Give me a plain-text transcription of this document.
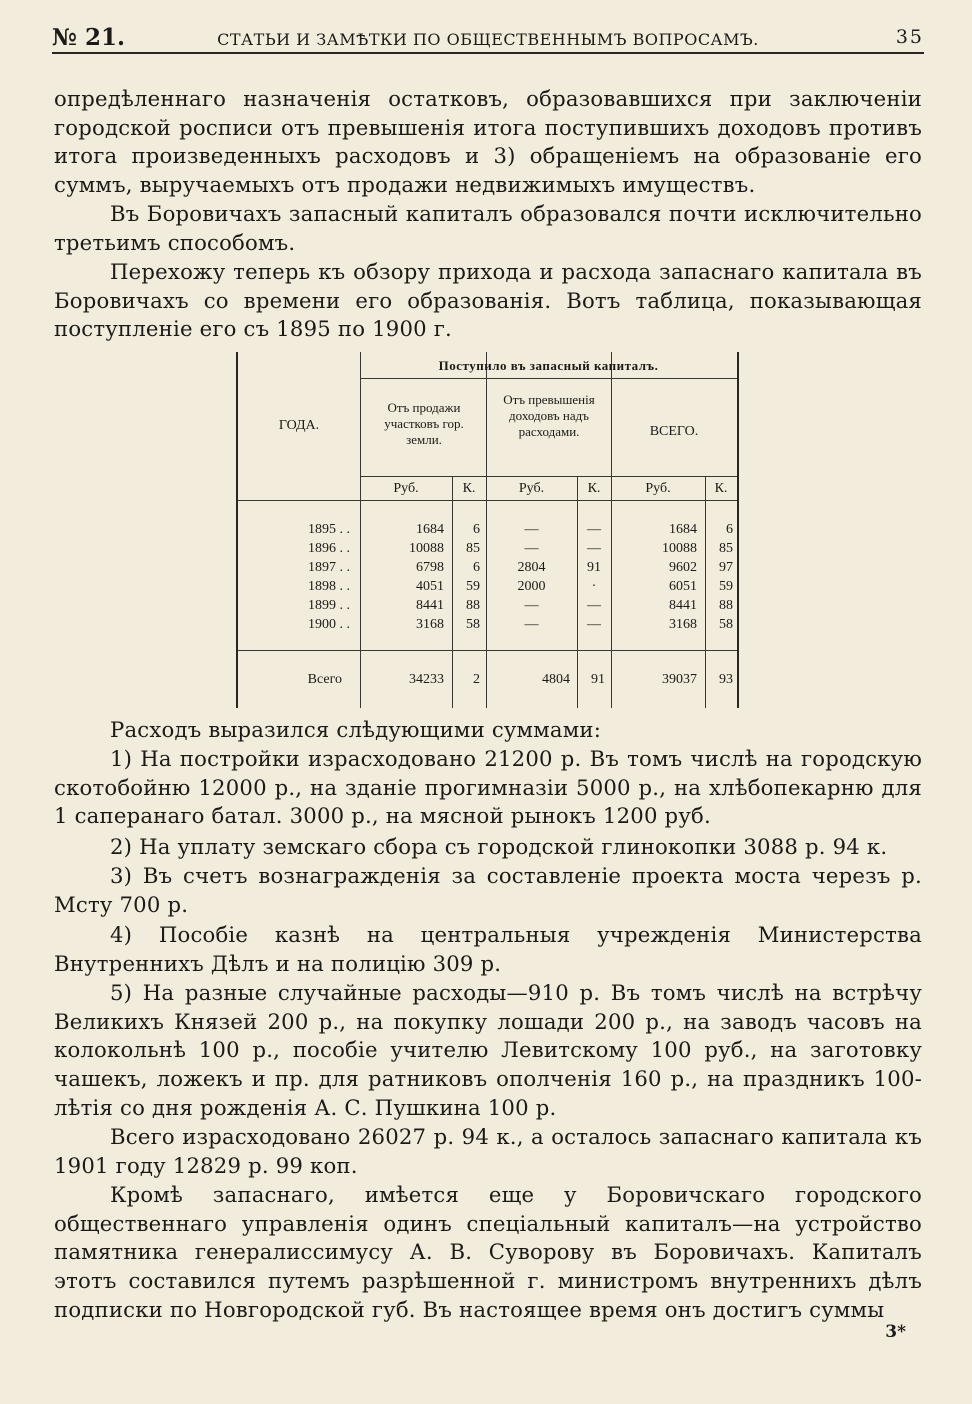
№ 21.	СТАТЬИ И ЗАМѢТКИ ПО ОБЩЕСТВЕННЫМЪ ВОПРОСАМЪ.	35
опредѣленнаго назначенія остатковъ, образовавшихся при заключеніи городской росписи отъ превышенія итога поступившихъ доходовъ противъ итога произведенныхъ расходовъ и 3) обращеніемъ на образованіе его суммъ, выручаемыхъ отъ продажи недвижимыхъ имуществъ.
Въ Боровичахъ запасный капиталъ образовался почти исключительно третьимъ способомъ.
Перехожу теперь къ обзору прихода и расхода запаснаго капитала въ Боровичахъ со времени его образованія. Вотъ таблица, показывающая поступленіе его съ 1895 по 1900 г.
Поступило въ запасный капиталъ.
ГОДА.
Отъ продажи участковъ гор. земли.
Отъ превышенія доходовъ надъ расходами.	ВСЕГО.
Руб.	К.	Руб.	К.	Руб.	К.
1895 . .	1684	6	—	—	1684	6
1896 . .	10088	85	—	—	10088	85
1897 . .	6798	6	2804	91	9602	97
1898 . .	4051	59	2000	·	6051	59
1899 . .	8441	88	—	—	8441	88
1900 . .	3168	58	—	—	3168	58
Всего	34233	2	4804	91	39037	93
Расходъ выразился слѣдующими суммами:
1) На постройки израсходовано 21200 р. Въ томъ числѣ на городскую скотобойню 12000 р., на зданіе прогимназіи 5000 р., на хлѣбопекарню для 1 саперанаго батал. 3000 р., на мясной рынокъ 1200 руб.
2) На уплату земскаго сбора съ городской глинокопки 3088 р. 94 к.
3) Въ счетъ вознагражденія за составленіе проекта моста черезъ р. Мсту 700 р.
4) Пособіе казнѣ на центральныя учрежденія Министерства Внутреннихъ Дѣлъ и на полицію 309 р.
5) На разные случайные расходы—910 р. Въ томъ числѣ на встрѣчу Великихъ Князей 200 р., на покупку лошади 200 р., на заводъ часовъ на колокольнѣ 100 р., пособіе учителю Левитскому 100 руб., на заготовку чашекъ, ложекъ и пр. для ратниковъ ополченія 160 р., на праздникъ 100-лѣтія со дня рожденія А. С. Пушкина 100 р.
Всего израсходовано 26027 р. 94 к., а осталось запаснаго капитала къ 1901 году 12829 р. 99 коп.
Кромѣ запаснаго, имѣется еще у Боровичскаго городского общественнаго управленія одинъ спеціальный капиталъ—на устройство памятника генералиссимусу А. В. Суворову въ Боровичахъ. Капиталъ этотъ составился путемъ разрѣшенной г. министромъ внутреннихъ дѣлъ подписки по Новгородской губ. Въ настоящее время онъ достигъ суммы
3*
